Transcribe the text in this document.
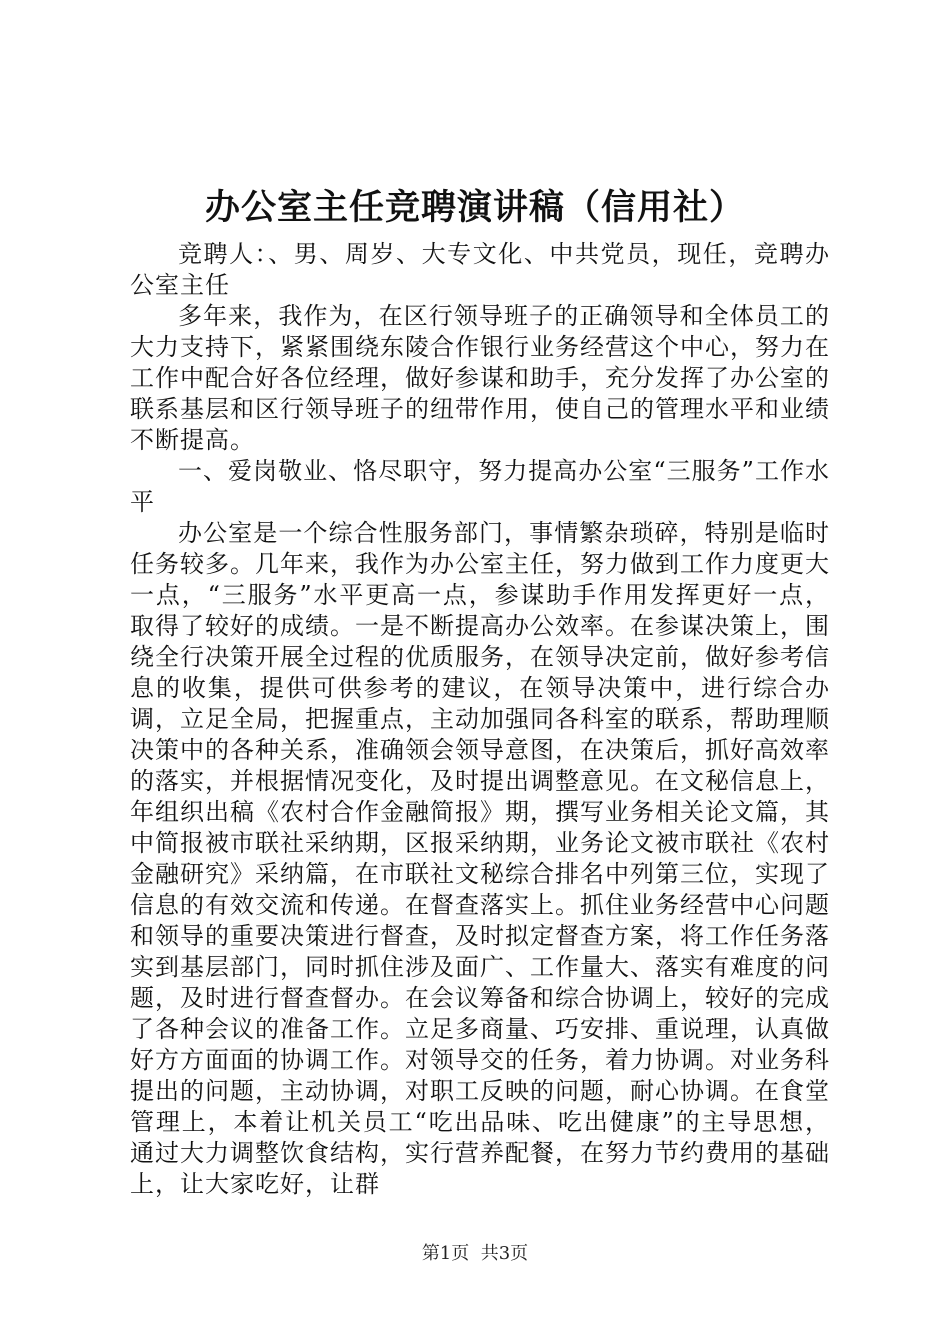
办公室主任竞聘演讲稿（信用社）

竞聘人：、男、周岁、大专文化、中共党员，现任，竞聘办公室主任

多年来，我作为，在区行领导班子的正确领导和全体员工的大力支持下，紧紧围绕东陵合作银行业务经营这个中心，努力在工作中配合好各位经理，做好参谋和助手，充分发挥了办公室的联系基层和区行领导班子的纽带作用，使自己的管理水平和业绩不断提高。

一、爱岗敬业、恪尽职守，努力提高办公室“三服务”工作水平

办公室是一个综合性服务部门，事情繁杂琐碎，特别是临时任务较多。几年来，我作为办公室主任，努力做到工作力度更大一点，“三服务”水平更高一点，参谋助手作用发挥更好一点，取得了较好的成绩。一是不断提高办公效率。在参谋决策上，围绕全行决策开展全过程的优质服务，在领导决定前，做好参考信息的收集，提供可供参考的建议，在领导决策中，进行综合办调，立足全局，把握重点，主动加强同各科室的联系，帮助理顺决策中的各种关系，准确领会领导意图，在决策后，抓好高效率的落实，并根据情况变化，及时提出调整意见。在文秘信息上，年组织出稿《农村合作金融简报》期，撰写业务相关论文篇，其中简报被市联社采纳期，区报采纳期，业务论文被市联社《农村金融研究》采纳篇，在市联社文秘综合排名中列第三位，实现了信息的有效交流和传递。在督查落实上。抓住业务经营中心问题和领导的重要决策进行督查，及时拟定督查方案，将工作任务落实到基层部门，同时抓住涉及面广、工作量大、落实有难度的问题，及时进行督查督办。在会议筹备和综合协调上，较好的完成了各种会议的准备工作。立足多商量、巧安排、重说理，认真做好方方面面的协调工作。对领导交的任务，着力协调。对业务科提出的问题，主动协调，对职工反映的问题，耐心协调。在食堂管理上，本着让机关员工“吃出品味、吃出健康”的主导思想，通过大力调整饮食结构，实行营养配餐，在努力节约费用的基础上，让大家吃好，让群

第1页 共3页
